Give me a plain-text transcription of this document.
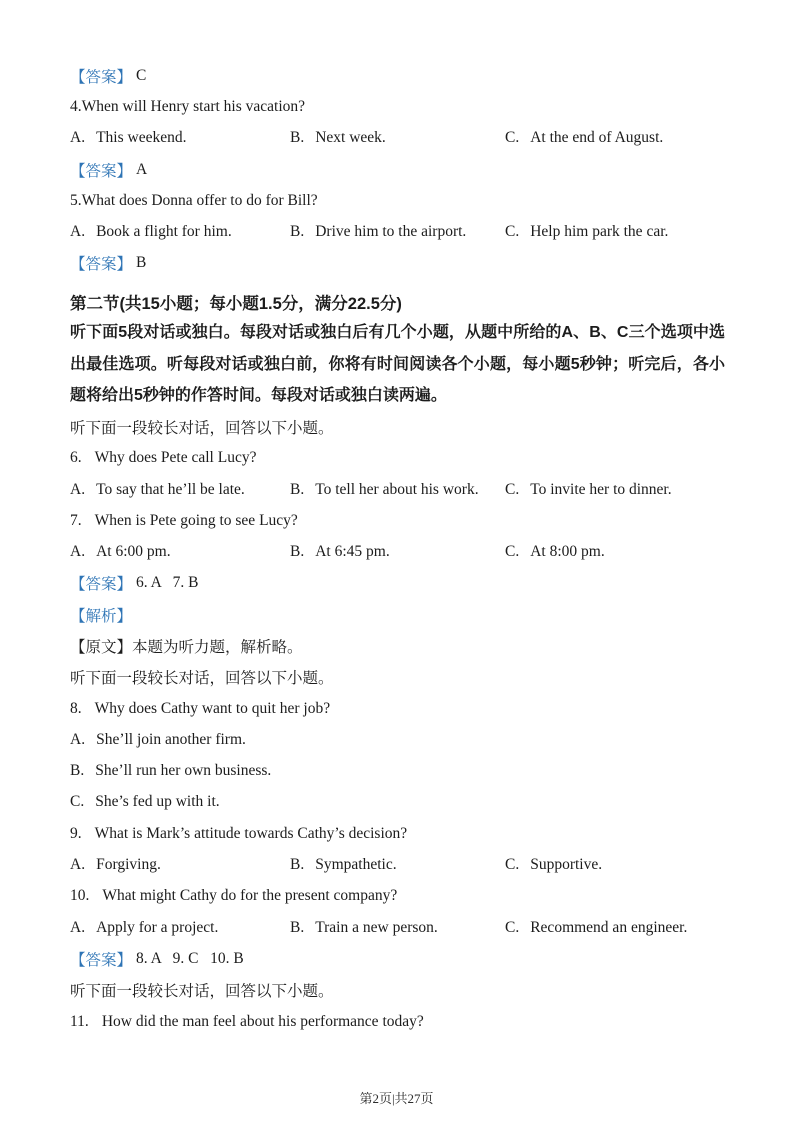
【答案】 C
4.When will Henry start his vacation?
A. This weekend.	B. Next week.	C. At the end of August.
【答案】 A
5.What does Donna offer to do for Bill?
A. Book a flight for him.	B. Drive him to the airport. C. Help him park the car.
【答案】 B
第二节(共15小题；每小题1.5分，满分22.5分)
听下面5段对话或独白。每段对话或独白后有几个小题，从题中所给的A、B、C三个选项中选出最佳选项。听每段对话或独白前，你将有时间阅读各个小题，每小题5秒钟；听完后，各小题将给出5秒钟的作答时间。每段对话或独白读两遍。
听下面一段较长对话，回答以下小题。
6. Why does Pete call Lucy?
A. To say that he’ll be late.	B. To tell her about his work. C. To invite her to dinner.
7. When is Pete going to see Lucy?
A. At 6:00 pm.	B. At 6:45 pm.	C. At 8:00 pm.
【答案】 6. A   7. B
【解析】
【原文】 本题为听力题，解析略。
听下面一段较长对话，回答以下小题。
8. Why does Cathy want to quit her job?
A. She’ll join another firm.
B. She’ll run her own business.
C. She’s fed up with it.
9. What is Mark’s attitude towards Cathy’s decision?
A. Forgiving.	B. Sympathetic.	C. Supportive.
10. What might Cathy do for the present company?
A. Apply for a project.	B. Train a new person.	C. Recommend an engineer.
【答案】 8. A   9. C   10. B
听下面一段较长对话，回答以下小题。
11. How did the man feel about his performance today?
第2页|共27页
